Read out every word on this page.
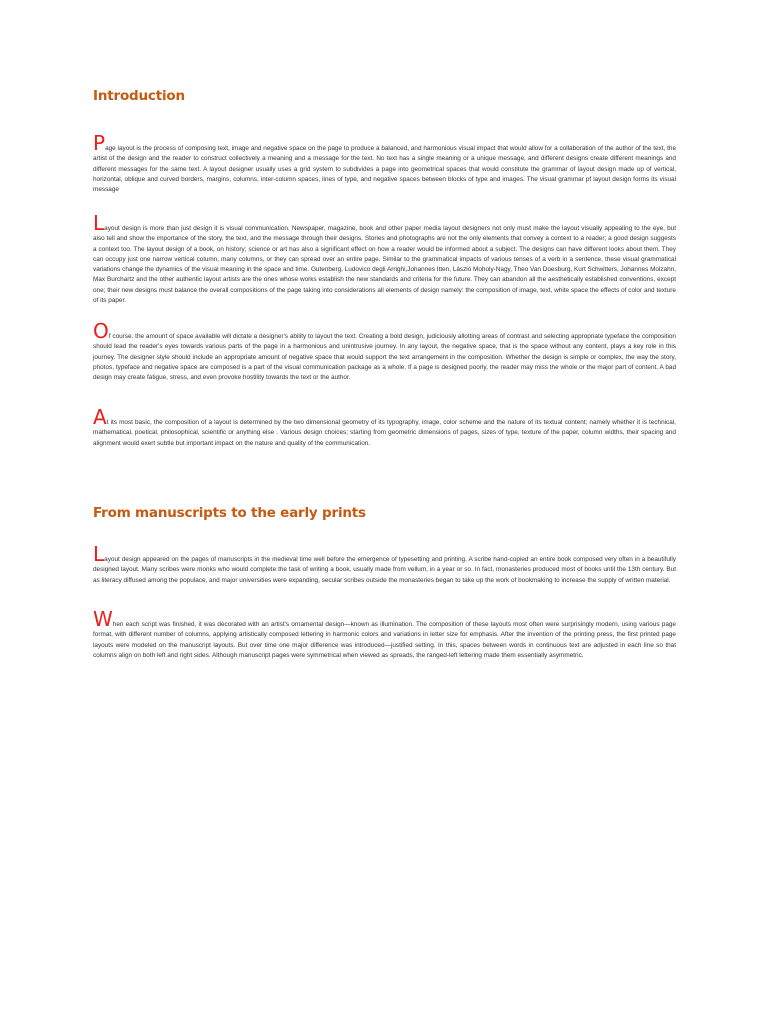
Introduction

Page layout is the process of composing text, image and negative space on the page to produce a balanced, and harmonious visual impact that would allow for a collaboration of the author of the text, the artist of the design and the reader to construct collectively a meaning and a message for the text. No text has a single meaning or a unique message, and different designs create different meanings and different messages for the same text. A layout designer usually uses a grid system to subdivides a page into geometrical spaces that would constitute the grammar of layout design made up of vertical, horizontal, oblique and curved borders, margins, columns, inter-column spaces, lines of type, and negative spaces between blocks of type and images. The visual grammar pf layout design forms its visual message

Layout design is more than just design it is visual communication. Newspaper, magazine, book and other paper media layout designers not only must make the layout visually appealing to the eye, but also tell and show the importance of the story, the text, and the message through their designs. Stories and photographs are not the only elements that convey a context to a reader; a good design suggests a context too. The layout design of a book, on history; science or art has also a significant effect on how a reader would be informed about a subject. The designs can have different looks about them. They can occupy just one narrow vertical column, many columns, or they can spread over an entire page. Similar to the grammatical impacts of various tenses of a verb in a sentence, these visual grammatical variations change the dynamics of the visual meaning in the space and time. Gutenberg, Ludovico degli Arrighi,Johannes Itten, László Moholy-Nagy, Theo Van Doesburg, Kurt Schwitters, Johannes Molzahn, Max Burchartz and the other authentic layout artists are the ones whose works establish the new standards and criteria for the future. They can abandon all the aesthetically established conventions, except one; their new designs must balance the overall compositions of the page taking into considerations all elements of design namely: the composition of image, text, white space the effects of color and texture of its paper.

Of course. the amount of space available will dictate a designer's ability to layout the text. Creating a bold design, judiciously allotting areas of contrast and selecting appropriate typeface the composition should lead the reader's eyes towards various parts of the page in a harmonious and unintrusive journey. In any layout, the negative space, that is the space without any content, plays a key role in this journey. The designer style should include an appropriate amount of negative space that would support the text arrangement in the composition. Whether the design is simple or complex, the way the story, photos, typeface and negative space are composed is a part of the visual communication package as a whole. If a page is designed poorly, the reader may miss the whole or the major part of content. A bad design may create fatigue, stress, and even provoke hostility towards the text or the author.

At its most basic, the composition of a layout is determined by the two dimensional geometry of its typography, image, color scheme and the nature of its textual content; namely whether it is technical, mathematical, poetical, philosophical, scientific or anything else . Various design choices; starting from geometric dimensions of pages, sizes of type, texture of the paper, column widths, their spacing and alignment would exert subtle but important impact on the nature and quality of the communication.

From manuscripts to the early prints

Layout design appeared on the pages of manuscripts in the medieval time well before the emergence of typesetting and printing. A scribe hand-copied an entire book composed very often in a beautifully designed layout. Many scribes were monks who would complete the task of writing a book, usually made from vellum, in a year or so. In fact, monasteries produced most of books until the 13th century. But as literacy diffused among the populace, and major universities were expanding, secular scribes outside the monasteries began to take up the work of bookmaking to increase the supply of written material.

When each script was finished, it was decorated with an artist's ornamental design—known as illumination. The composition of these layouts most often were surprisingly modern, using various page format, with different number of columns, applying artistically composed lettering in harmonic colors and variations in letter size for emphasis. After the invention of the printing press, the first printed page layouts were modeled on the manuscript layouts. But over time one major difference was introduced—justified setting. In this, spaces between words in continuous text are adjusted in each line so that columns align on both left and right sides. Although manuscript pages were symmetrical when viewed as spreads, the ranged-left lettering made them essentially asymmetric.
